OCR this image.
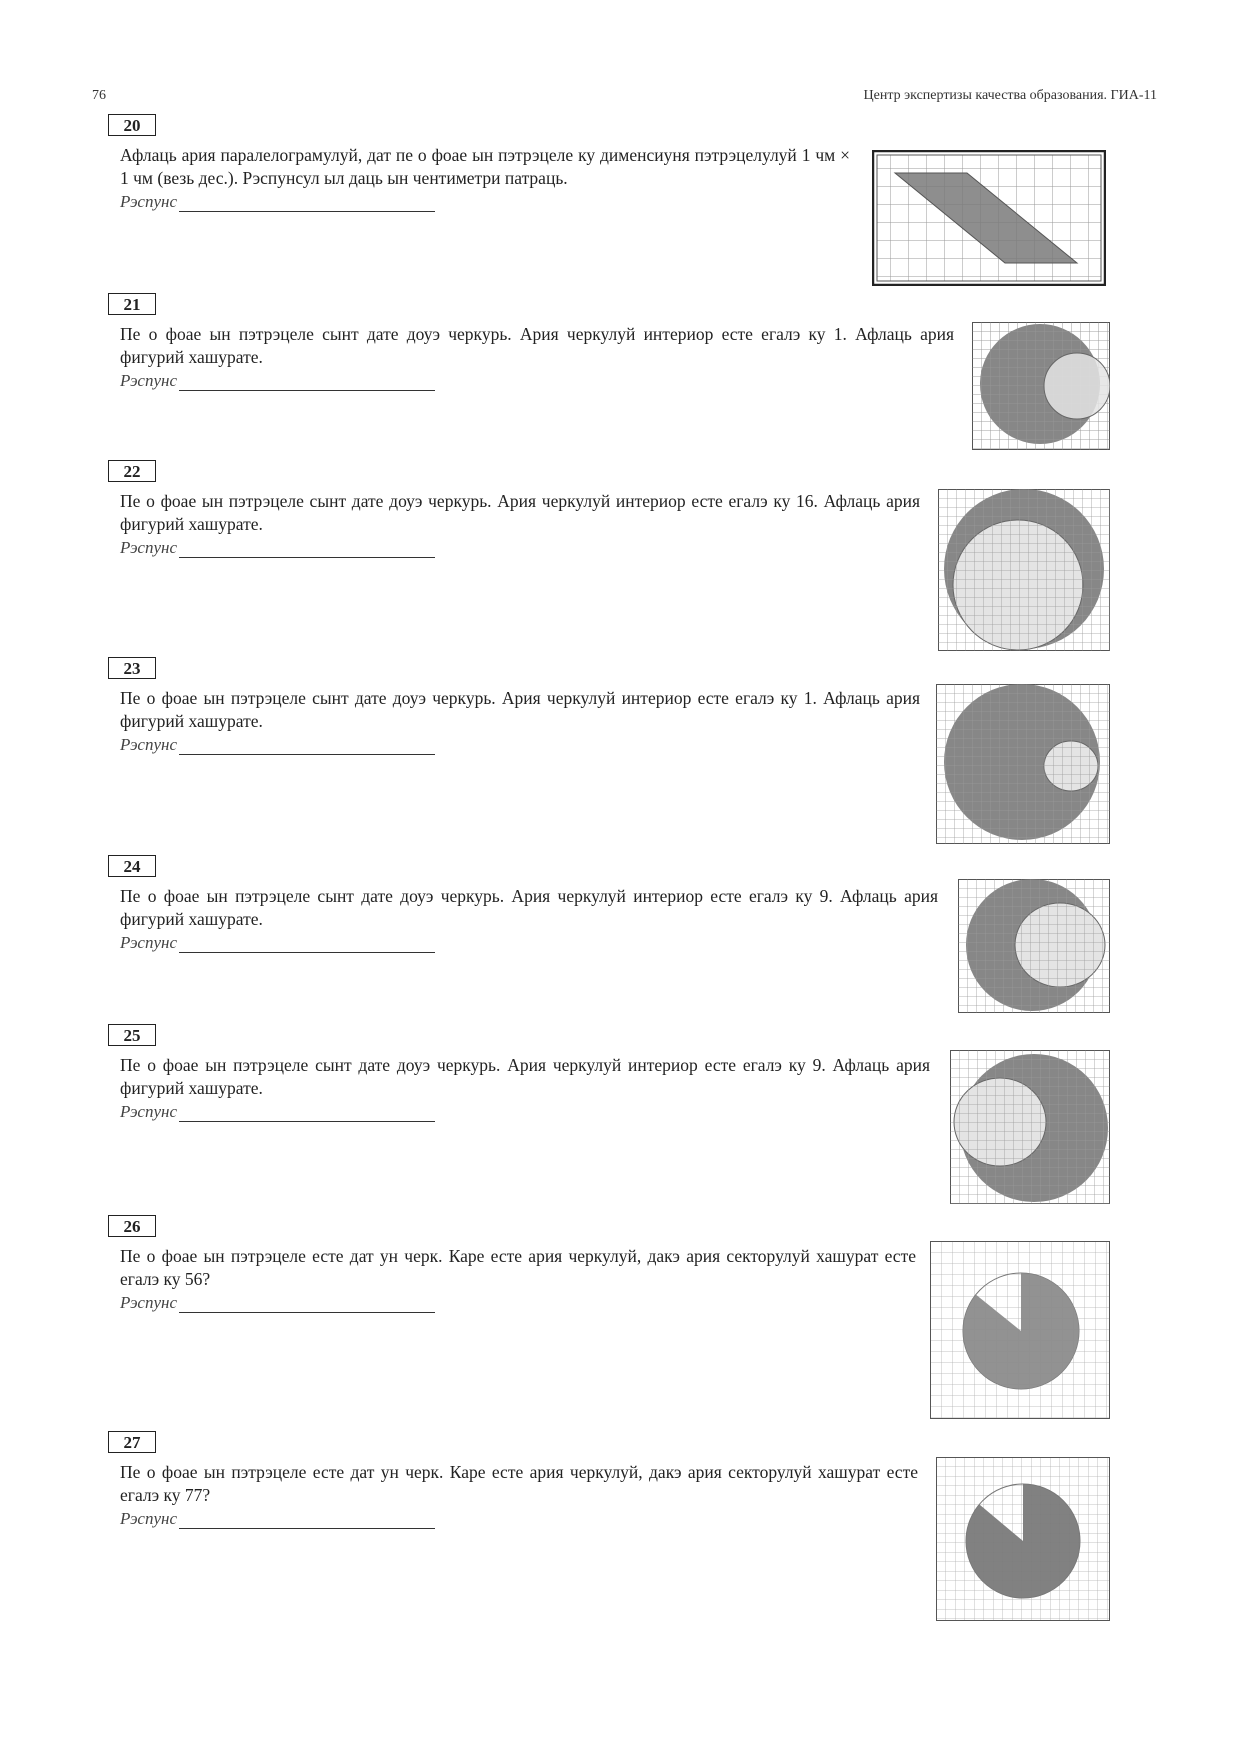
76	Центр экспертизы качества образования. ГИА-11
20
Афлаць ария паралелограмулуй, дат пе о фоае ын пэтрэцеле ку дименсиуня пэтрэцелулуй 1 чм × 1 чм (везь дес.). Рэспунсул ыл даць ын чентиметри патраць.
Рэспунс
21
Пе о фоае ын пэтрэцеле сынт дате доуэ черкурь. Ария черкулуй интериор есте егалэ ку 1. Афлаць ария фигурий хашурате.
Рэспунс
22
Пе о фоае ын пэтрэцеле сынт дате доуэ черкурь. Ария черкулуй интериор есте егалэ ку 16. Афлаць ария фигурий хашурате.
Рэспунс
23
Пе о фоае ын пэтрэцеле сынт дате доуэ черкурь. Ария черкулуй интериор есте егалэ ку 1. Афлаць ария фигурий хашурате.
Рэспунс
24
Пе о фоае ын пэтрэцеле сынт дате доуэ черкурь. Ария черкулуй интериор есте егалэ ку 9. Афлаць ария фигурий хашурате.
Рэспунс
25
Пе о фоае ын пэтрэцеле сынт дате доуэ черкурь. Ария черкулуй интериор есте егалэ ку 9. Афлаць ария фигурий хашурате.
Рэспунс
26
Пе о фоае ын пэтрэцеле есте дат ун черк. Каре есте ария черкулуй, дакэ ария секторулуй хашурат есте егалэ ку 56?
Рэспунс
27
Пе о фоае ын пэтрэцеле есте дат ун черк. Каре есте ария черкулуй, дакэ ария секторулуй хашурат есте егалэ ку 77?
Рэспунс
